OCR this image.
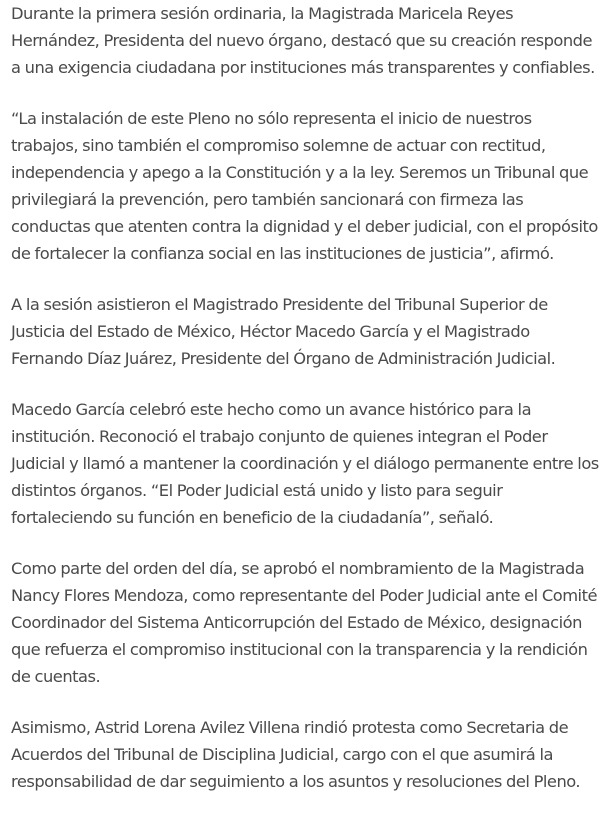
Durante la primera sesión ordinaria, la Magistrada Maricela Reyes Hernández, Presidenta del nuevo órgano, destacó que su creación responde a una exigencia ciudadana por instituciones más transparentes y confiables.

“La instalación de este Pleno no sólo representa el inicio de nuestros trabajos, sino también el compromiso solemne de actuar con rectitud, independencia y apego a la Constitución y a la ley. Seremos un Tribunal que privilegiará la prevención, pero también sancionará con firmeza las conductas que atenten contra la dignidad y el deber judicial, con el propósito de fortalecer la confianza social en las instituciones de justicia”, afirmó.

A la sesión asistieron el Magistrado Presidente del Tribunal Superior de Justicia del Estado de México, Héctor Macedo García y el Magistrado Fernando Díaz Juárez, Presidente del Órgano de Administración Judicial.

Macedo García celebró este hecho como un avance histórico para la institución. Reconoció el trabajo conjunto de quienes integran el Poder Judicial y llamó a mantener la coordinación y el diálogo permanente entre los distintos órganos. “El Poder Judicial está unido y listo para seguir fortaleciendo su función en beneficio de la ciudadanía”, señaló.

Como parte del orden del día, se aprobó el nombramiento de la Magistrada Nancy Flores Mendoza, como representante del Poder Judicial ante el Comité Coordinador del Sistema Anticorrupción del Estado de México, designación que refuerza el compromiso institucional con la transparencia y la rendición de cuentas.

Asimismo, Astrid Lorena Avilez Villena rindió protesta como Secretaria de Acuerdos del Tribunal de Disciplina Judicial, cargo con el que asumirá la responsabilidad de dar seguimiento a los asuntos y resoluciones del Pleno.
